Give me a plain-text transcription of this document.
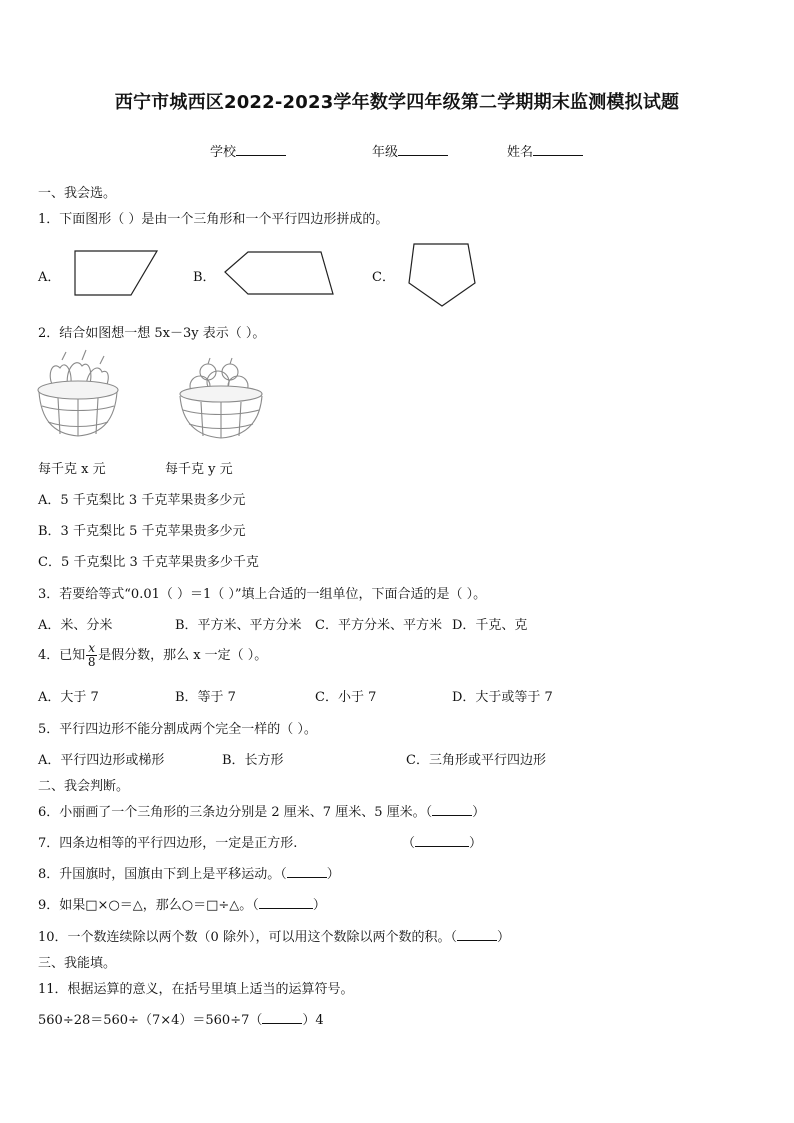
西宁市城西区2022-2023学年数学四年级第二学期期末监测模拟试题
学校	年级	姓名
一、我会选。
1．下面图形（ ）是由一个三角形和一个平行四边形拼成的。
A．	B．	C．
2．结合如图想一想 5x－3y 表示（ ）。
每千克 x 元	每千克 y 元
A．5 千克梨比 3 千克苹果贵多少元
B．3 千克梨比 5 千克苹果贵多少元
C．5 千克梨比 3 千克苹果贵多少千克
3．若要给等式“0.01（ ）＝1（ ）”填上合适的一组单位，下面合适的是（ ）。
A．米、分米	B．平方米、平方分米 C．平方分米、平方米 D．千克、克
4．已知 $\frac{x}{8}$ 是假分数，那么 x 一定（ ）。
A．大于 7	B．等于 7	C．小于 7	D．大于或等于 7
5．平行四边形不能分割成两个完全一样的（ ）。
A．平行四边形或梯形	B．长方形	C．三角形或平行四边形
二、我会判断。
6．小丽画了一个三角形的三条边分别是 2 厘米、7 厘米、5 厘米。（	）
7．四条边相等的平行四边形，一定是正方形.	（	）
8．升国旗时，国旗由下到上是平移运动。（	）
9．如果□×○＝△，那么○＝□÷△。（	）
10．一个数连续除以两个数（0 除外），可以用这个数除以两个数的积。（	）
三、我能填。
11．根据运算的意义，在括号里填上适当的运算符号。
560÷28＝560÷（7×4）＝560÷7（	）4
